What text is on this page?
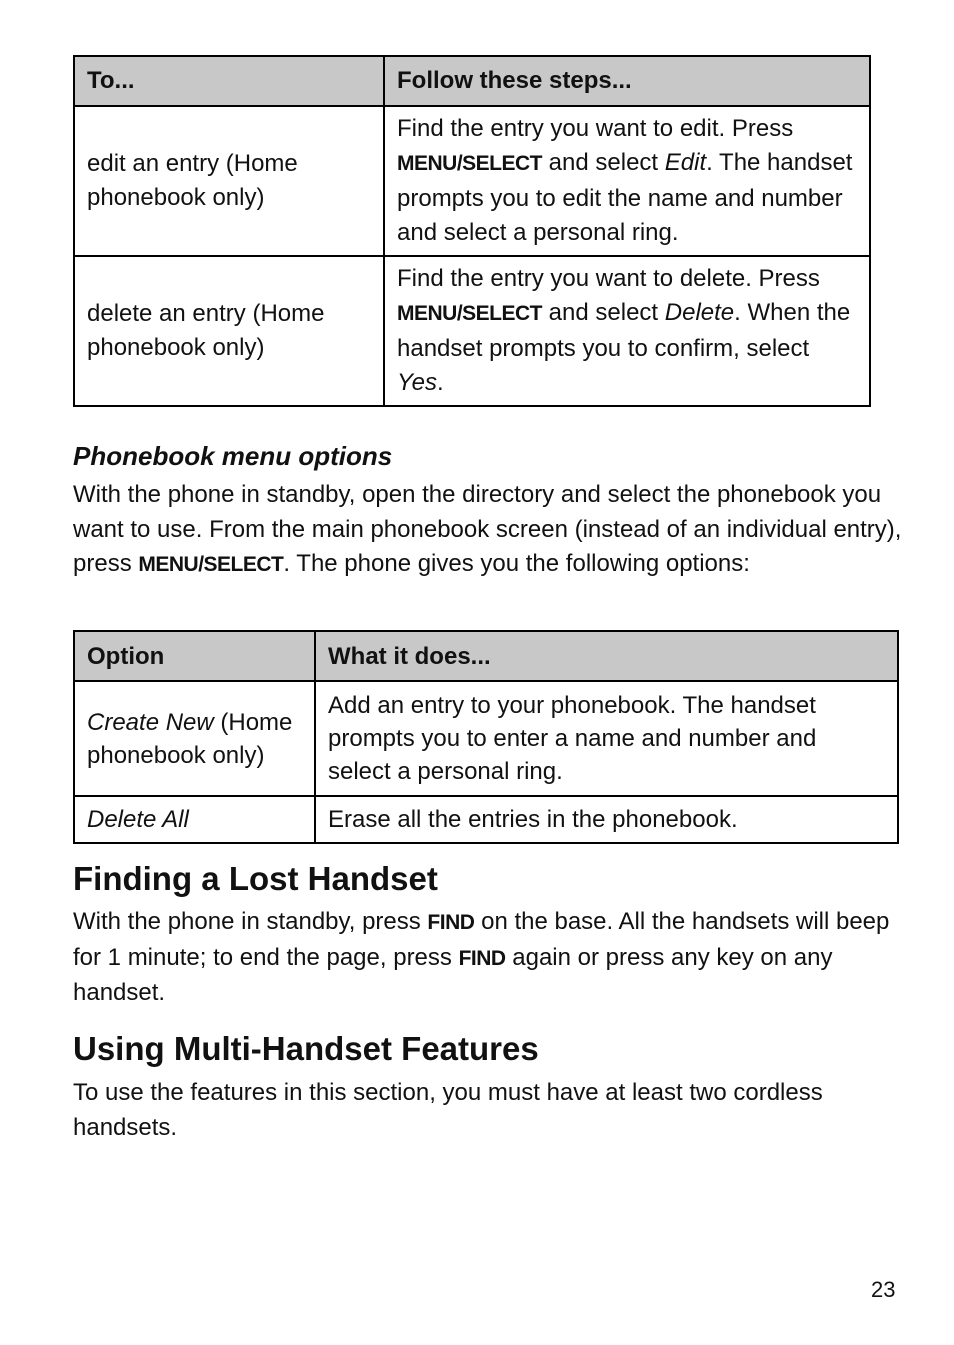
To...	Follow these steps...
edit an entry (Home phonebook only)	Find the entry you want to edit. Press MENU/SELECT and select Edit. The handset prompts you to edit the name and number and select a personal ring.
delete an entry (Home phonebook only)	Find the entry you want to delete. Press MENU/SELECT and select Delete. When the handset prompts you to confirm, select Yes.
Phonebook menu options

With the phone in standby, open the directory and select the phonebook you want to use. From the main phonebook screen (instead of an individual entry), press MENU/SELECT. The phone gives you the following options:

Option	What it does...
Create New (Home phonebook only)	Add an entry to your phonebook. The handset prompts you to enter a name and number and select a personal ring.
Delete All	Erase all the entries in the phonebook.
Finding a Lost Handset

With the phone in standby, press FIND on the base. All the handsets will beep for 1 minute; to end the page, press FIND again or press any key on any handset.

Using Multi-Handset Features

To use the features in this section, you must have at least two cordless handsets.

23
